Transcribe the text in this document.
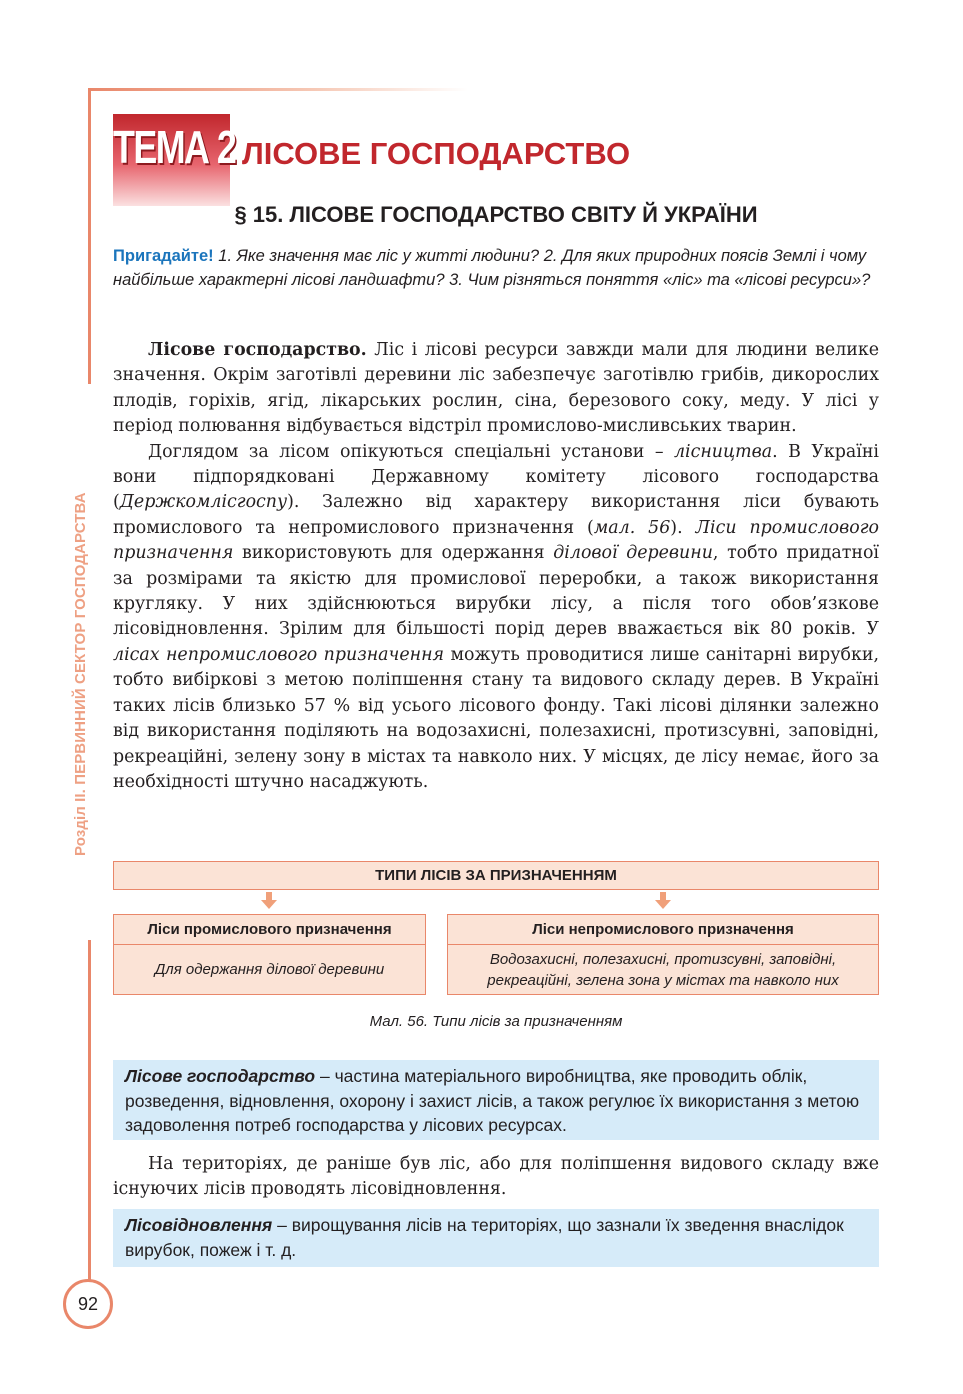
Розділ II. ПЕРВИННИЙ СЕКТОР ГОСПОДАРСТВА
ТЕМА 2 ЛІСОВЕ ГОСПОДАРСТВО
§ 15. ЛІСОВЕ ГОСПОДАРСТВО СВІТУ Й УКРАЇНИ
Пригадайте! 1. Яке значення має ліс у житті людини? 2. Для яких природних поясів Землі і чому найбільше характерні лісові ландшафти? 3. Чим різняться поняття «ліс» та «лісові ресурси»?

Лісове господарство. Ліс і лісові ресурси завжди мали для людини велике значення. Окрім заготівлі деревини ліс забезпечує заготівлю грибів, дикорослих плодів, горіхів, ягід, лікарських рослин, сіна, березового соку, меду. У лісі у період полювання відбувається відстріл промислово-мисливських тварин.

Доглядом за лісом опікуються спеціальні установи – лісництва. В Україні вони підпорядковані Державному комітету лісового господарства (Держкомлісгоспу). Залежно від характеру використання ліси бувають промислового та непромислового призначення (мал. 56). Ліси промислового призначення використовують для одержання ділової деревини, тобто придатної за розмірами та якістю для промислової переробки, а також використання кругляку. У них здійснюються вирубки лісу, а після того обов’язкове лісовідновлення. Зрілим для більшості порід дерев вважається вік 80 років. У лісах непромислового призначення можуть проводитися лише санітарні вирубки, тобто вибіркові з метою поліпшення стану та видового складу дерев. В Україні таких лісів близько 57 % від усього лісового фонду. Такі лісові ділянки залежно від використання поділяють на водозахисні, полезахисні, протизсувні, заповідні, рекреаційні, зелену зону в містах та навколо них. У місцях, де лісу немає, його за необхідності штучно насаджують.

ТИПИ ЛІСІВ ЗА ПРИЗНАЧЕННЯМ
Ліси промислового призначення
Для одержання ділової деревини
Ліси непромислового призначення
Водозахисні, полезахисні, протизсувні, заповідні,
рекреаційні, зелена зона у містах та навколо них
Мал. 56. Типи лісів за призначенням
Лісове господарство – частина матеріального виробництва, яке проводить облік, розведення, відновлення, охорону і захист лісів, а також регулює їх використання з метою задоволення потреб господарства у лісових ресурсах.

На територіях, де раніше був ліс, або для поліпшення видового складу вже існуючих лісів проводять лісовідновлення.

Лісовідновлення – вирощування лісів на територіях, що зазнали їх зведення внаслідок вирубок, пожеж і т. д.
92
